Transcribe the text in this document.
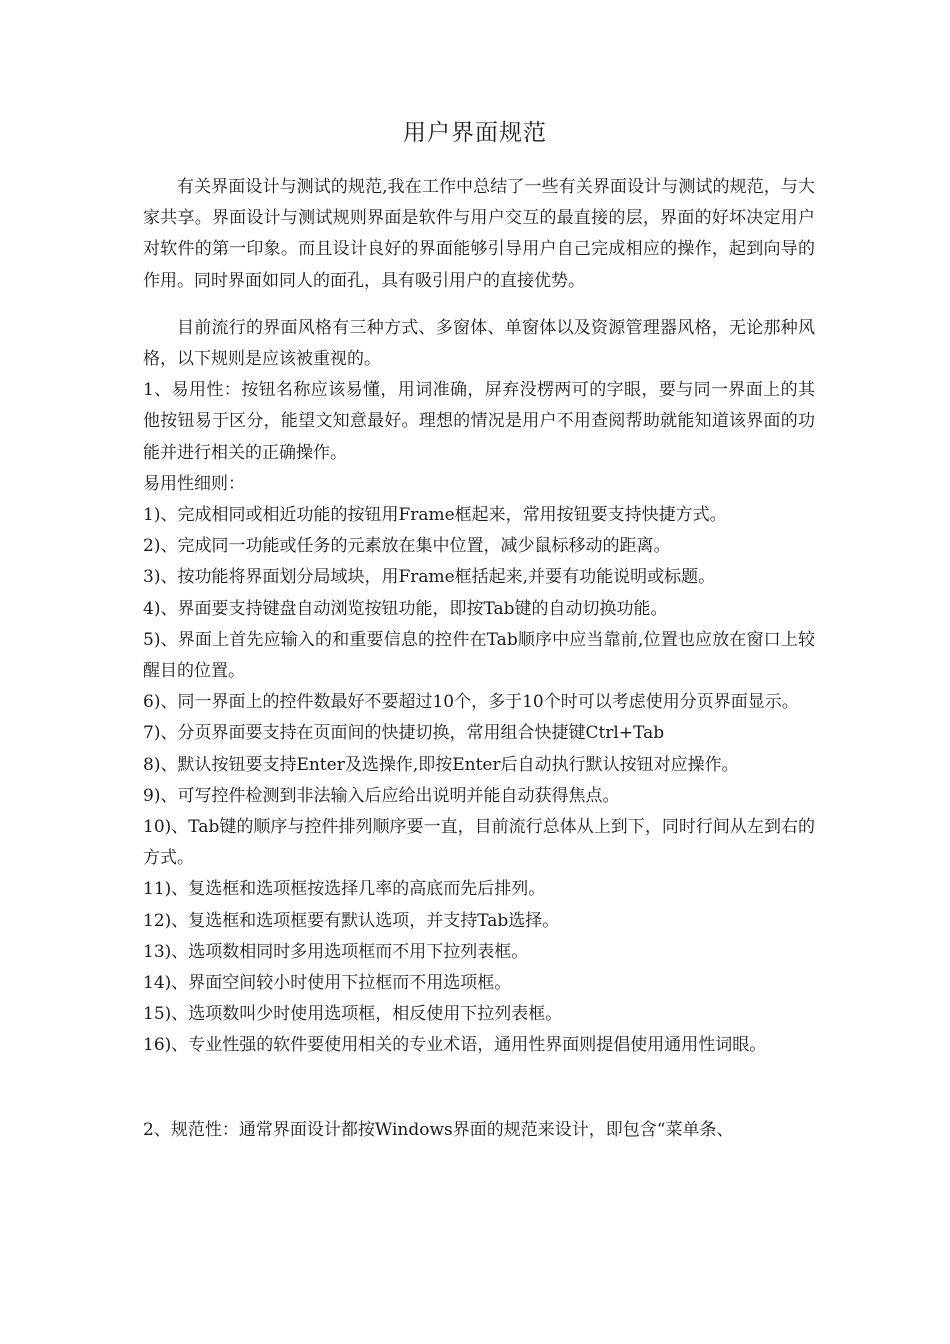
用户界面规范

有关界面设计与测试的规范,我在工作中总结了一些有关界面设计与测试的规范，与大家共享。界面设计与测试规则界面是软件与用户交互的最直接的层，界面的好坏决定用户对软件的第一印象。而且设计良好的界面能够引导用户自己完成相应的操作，起到向导的作用。同时界面如同人的面孔，具有吸引用户的直接优势。

目前流行的界面风格有三种方式、多窗体、单窗体以及资源管理器风格，无论那种风格，以下规则是应该被重视的。

1、易用性：按钮名称应该易懂，用词准确，屏弃没楞两可的字眼，要与同一界面上的其他按钮易于区分，能望文知意最好。理想的情况是用户不用查阅帮助就能知道该界面的功能并进行相关的正确操作。

易用性细则：

1)、完成相同或相近功能的按钮用Frame框起来，常用按钮要支持快捷方式。

2)、完成同一功能或任务的元素放在集中位置，减少鼠标移动的距离。

3)、按功能将界面划分局域块，用Frame框括起来,并要有功能说明或标题。

4)、界面要支持键盘自动浏览按钮功能，即按Tab键的自动切换功能。

5)、界面上首先应输入的和重要信息的控件在Tab顺序中应当靠前,位置也应放在窗口上较醒目的位置。

6)、同一界面上的控件数最好不要超过10个，多于10个时可以考虑使用分页界面显示。

7)、分页界面要支持在页面间的快捷切换，常用组合快捷键Ctrl+Tab

8)、默认按钮要支持Enter及选操作,即按Enter后自动执行默认按钮对应操作。

9)、可写控件检测到非法输入后应给出说明并能自动获得焦点。

10)、Tab键的顺序与控件排列顺序要一直，目前流行总体从上到下，同时行间从左到右的方式。

11)、复选框和选项框按选择几率的高底而先后排列。

12)、复选框和选项框要有默认选项，并支持Tab选择。

13)、选项数相同时多用选项框而不用下拉列表框。

14)、界面空间较小时使用下拉框而不用选项框。

15)、选项数叫少时使用选项框，相反使用下拉列表框。

16)、专业性强的软件要使用相关的专业术语，通用性界面则提倡使用通用性词眼。

2、规范性：通常界面设计都按Windows界面的规范来设计，即包含“菜单条、
